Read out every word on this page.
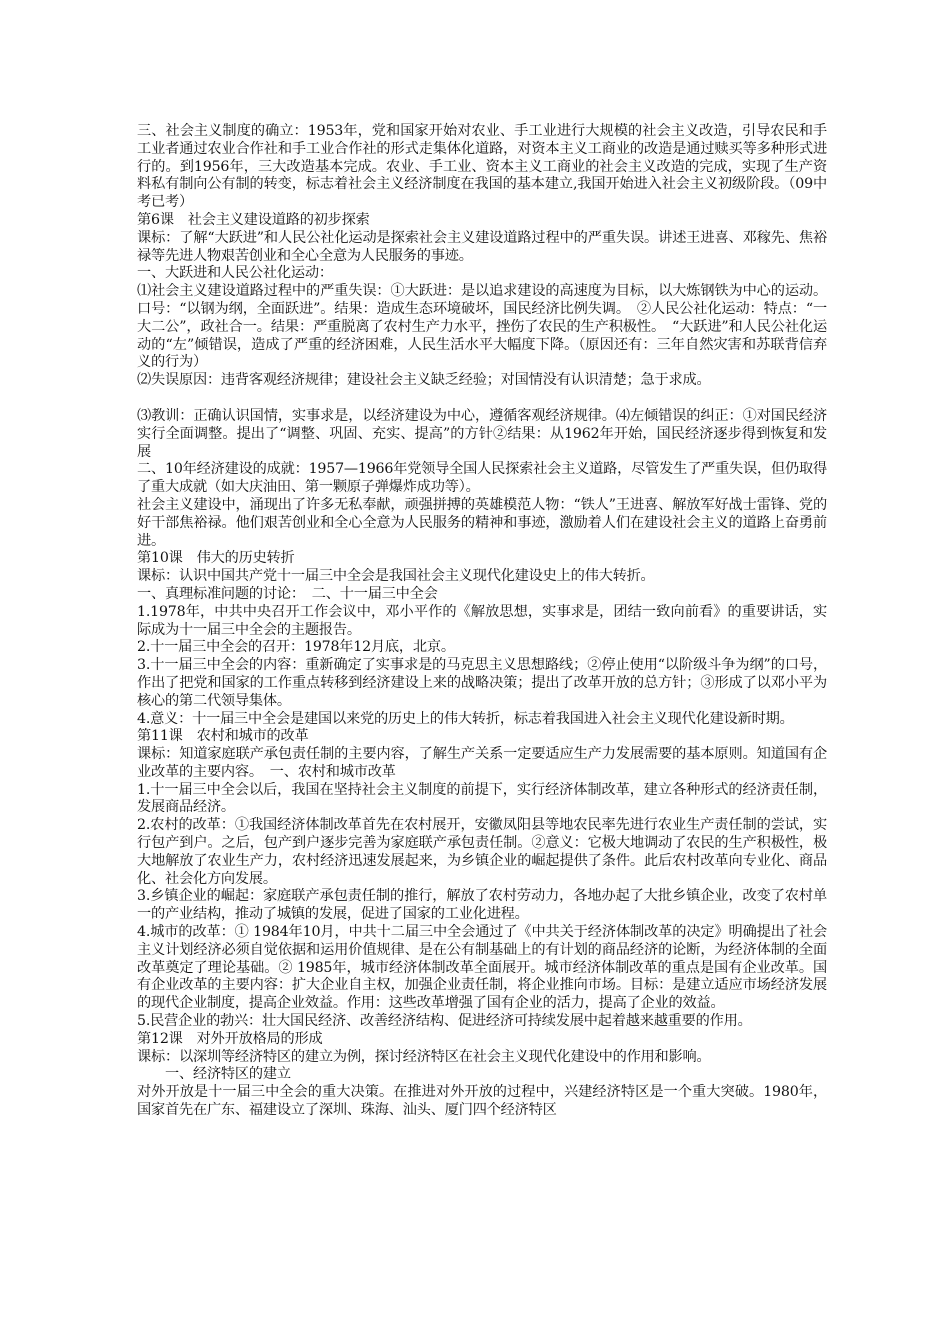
三、社会主义制度的确立：1953年，党和国家开始对农业、手工业进行大规模的社会主义改造，引导农民和手工业者通过农业合作社和手工业合作社的形式走集体化道路，对资本主义工商业的改造是通过赎买等多种形式进行的。到1956年，三大改造基本完成。农业、手工业、资本主义工商业的社会主义改造的完成，实现了生产资料私有制向公有制的转变，标志着社会主义经济制度在我国的基本建立,我国开始进入社会主义初级阶段。（09中考已考）

第6课　社会主义建设道路的初步探索

课标：了解“大跃进”和人民公社化运动是探索社会主义建设道路过程中的严重失误。讲述王进喜、邓稼先、焦裕禄等先进人物艰苦创业和全心全意为人民服务的事迹。

一、大跃进和人民公社化运动：

⑴社会主义建设道路过程中的严重失误：①大跃进：是以追求建设的高速度为目标，以大炼钢铁为中心的运动。口号：“以钢为纲，全面跃进”。结果：造成生态环境破坏，国民经济比例失调。　②人民公社化运动：特点：“一大二公”，政社合一。结果：严重脱离了农村生产力水平，挫伤了农民的生产积极性。　“大跃进”和人民公社化运动的“左”倾错误，造成了严重的经济困难，人民生活水平大幅度下降。（原因还有：三年自然灾害和苏联背信弃义的行为）

⑵失误原因：违背客观经济规律；建设社会主义缺乏经验；对国情没有认识清楚；急于求成。

⑶教训：正确认识国情，实事求是，以经济建设为中心，遵循客观经济规律。⑷左倾错误的纠正：①对国民经济实行全面调整。提出了“调整、巩固、充实、提高”的方针②结果：从1962年开始，国民经济逐步得到恢复和发展

二、10年经济建设的成就：1957—1966年党领导全国人民探索社会主义道路，尽管发生了严重失误，但仍取得了重大成就（如大庆油田、第一颗原子弹爆炸成功等）。

社会主义建设中，涌现出了许多无私奉献，顽强拼搏的英雄模范人物：“铁人”王进喜、解放军好战士雷锋、党的好干部焦裕禄。他们艰苦创业和全心全意为人民服务的精神和事迹，激励着人们在建设社会主义的道路上奋勇前进。

第10课　伟大的历史转折

课标：认识中国共产党十一届三中全会是我国社会主义现代化建设史上的伟大转折。

一、真理标准问题的讨论：　二、十一届三中全会

1.1978年，中共中央召开工作会议中，邓小平作的《解放思想，实事求是，团结一致向前看》的重要讲话，实际成为十一届三中全会的主题报告。

2.十一届三中全会的召开：1978年12月底，北京。

3.十一届三中全会的内容：重新确定了实事求是的马克思主义思想路线；②停止使用“以阶级斗争为纲”的口号，作出了把党和国家的工作重点转移到经济建设上来的战略决策；提出了改革开放的总方针；③形成了以邓小平为核心的第二代领导集体。

4.意义：十一届三中全会是建国以来党的历史上的伟大转折，标志着我国进入社会主义现代化建设新时期。

第11课　农村和城市的改革

课标：知道家庭联产承包责任制的主要内容，了解生产关系一定要适应生产力发展需要的基本原则。知道国有企业改革的主要内容。　一、农村和城市改革

1.十一届三中全会以后，我国在坚持社会主义制度的前提下，实行经济体制改革，建立各种形式的经济责任制，发展商品经济。

2.农村的改革：①我国经济体制改革首先在农村展开，安徽凤阳县等地农民率先进行农业生产责任制的尝试，实行包产到户。之后，包产到户逐步完善为家庭联产承包责任制。②意义：它极大地调动了农民的生产积极性，极大地解放了农业生产力，农村经济迅速发展起来，为乡镇企业的崛起提供了条件。此后农村改革向专业化、商品化、社会化方向发展。

3.乡镇企业的崛起：家庭联产承包责任制的推行，解放了农村劳动力，各地办起了大批乡镇企业，改变了农村单一的产业结构，推动了城镇的发展，促进了国家的工业化进程。

4.城市的改革：① 1984年10月，中共十二届三中全会通过了《中共关于经济体制改革的决定》明确提出了社会主义计划经济必须自觉依据和运用价值规律、是在公有制基础上的有计划的商品经济的论断，为经济体制的全面改革奠定了理论基础。② 1985年，城市经济体制改革全面展开。城市经济体制改革的重点是国有企业改革。国有企业改革的主要内容：扩大企业自主权，加强企业责任制，将企业推向市场。目标：是建立适应市场经济发展的现代企业制度，提高企业效益。作用：这些改革增强了国有企业的活力，提高了企业的效益。

5.民营企业的勃兴：壮大国民经济、改善经济结构、促进经济可持续发展中起着越来越重要的作用。

第12课　对外开放格局的形成

课标：以深圳等经济特区的建立为例，探讨经济特区在社会主义现代化建设中的作用和影响。

　　一、经济特区的建立

对外开放是十一届三中全会的重大决策。在推进对外开放的过程中，兴建经济特区是一个重大突破。1980年，国家首先在广东、福建设立了深圳、珠海、汕头、厦门四个经济特区
